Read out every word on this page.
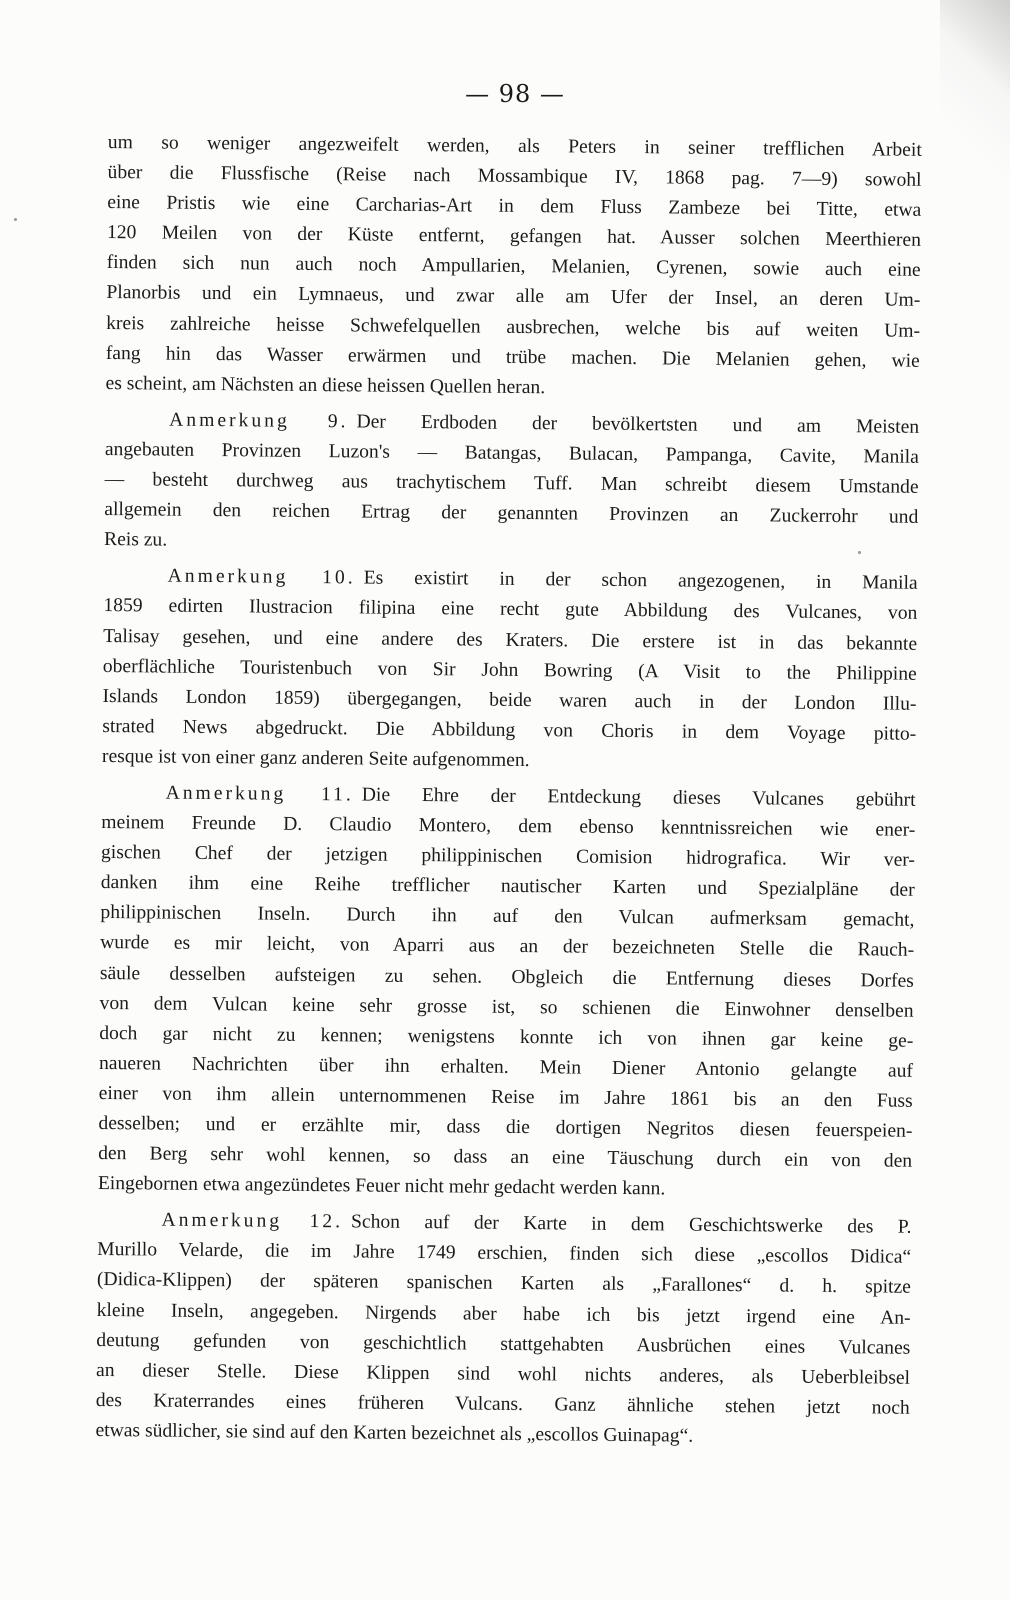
— 98 —
um so weniger angezweifelt werden, als Peters in seiner trefflichen Arbeit
über die Flussfische (Reise nach Mossambique IV, 1868 pag. 7—9) sowohl
eine Pristis wie eine Carcharias-Art in dem Fluss Zambeze bei Titte, etwa
120 Meilen von der Küste entfernt, gefangen hat. Ausser solchen Meerthieren
finden sich nun auch noch Ampullarien, Melanien, Cyrenen, sowie auch eine
Planorbis und ein Lymnaeus, und zwar alle am Ufer der Insel, an deren Um-
kreis zahlreiche heisse Schwefelquellen ausbrechen, welche bis auf weiten Um-
fang hin das Wasser erwärmen und trübe machen. Die Melanien gehen, wie
es scheint, am Nächsten an diese heissen Quellen heran.
Anmerkung 9. Der Erdboden der bevölkertsten und am Meisten
angebauten Provinzen Luzon's — Batangas, Bulacan, Pampanga, Cavite, Manila
— besteht durchweg aus trachytischem Tuff. Man schreibt diesem Umstande
allgemein den reichen Ertrag der genannten Provinzen an Zuckerrohr und
Reis zu.
Anmerkung 10. Es existirt in der schon angezogenen, in Manila
1859 edirten Ilustracion filipina eine recht gute Abbildung des Vulcanes, von
Talisay gesehen, und eine andere des Kraters. Die erstere ist in das bekannte
oberflächliche Touristenbuch von Sir John Bowring (A Visit to the Philippine
Islands London 1859) übergegangen, beide waren auch in der London Illu-
strated News abgedruckt. Die Abbildung von Choris in dem Voyage pitto-
resque ist von einer ganz anderen Seite aufgenommen.
Anmerkung 11. Die Ehre der Entdeckung dieses Vulcanes gebührt
meinem Freunde D. Claudio Montero, dem ebenso kenntnissreichen wie ener-
gischen Chef der jetzigen philippinischen Comision hidrografica. Wir ver-
danken ihm eine Reihe trefflicher nautischer Karten und Spezialpläne der
philippinischen Inseln. Durch ihn auf den Vulcan aufmerksam gemacht,
wurde es mir leicht, von Aparri aus an der bezeichneten Stelle die Rauch-
säule desselben aufsteigen zu sehen. Obgleich die Entfernung dieses Dorfes
von dem Vulcan keine sehr grosse ist, so schienen die Einwohner denselben
doch gar nicht zu kennen; wenigstens konnte ich von ihnen gar keine ge-
naueren Nachrichten über ihn erhalten. Mein Diener Antonio gelangte auf
einer von ihm allein unternommenen Reise im Jahre 1861 bis an den Fuss
desselben; und er erzählte mir, dass die dortigen Negritos diesen feuerspeien-
den Berg sehr wohl kennen, so dass an eine Täuschung durch ein von den
Eingebornen etwa angezündetes Feuer nicht mehr gedacht werden kann.
Anmerkung 12. Schon auf der Karte in dem Geschichtswerke des P.
Murillo Velarde, die im Jahre 1749 erschien, finden sich diese „escollos Didica“
(Didica-Klippen) der späteren spanischen Karten als „Farallones“ d. h. spitze
kleine Inseln, angegeben. Nirgends aber habe ich bis jetzt irgend eine An-
deutung gefunden von geschichtlich stattgehabten Ausbrüchen eines Vulcanes
an dieser Stelle. Diese Klippen sind wohl nichts anderes, als Ueberbleibsel
des Kraterrandes eines früheren Vulcans. Ganz ähnliche stehen jetzt noch
etwas südlicher, sie sind auf den Karten bezeichnet als „escollos Guinapag“.
